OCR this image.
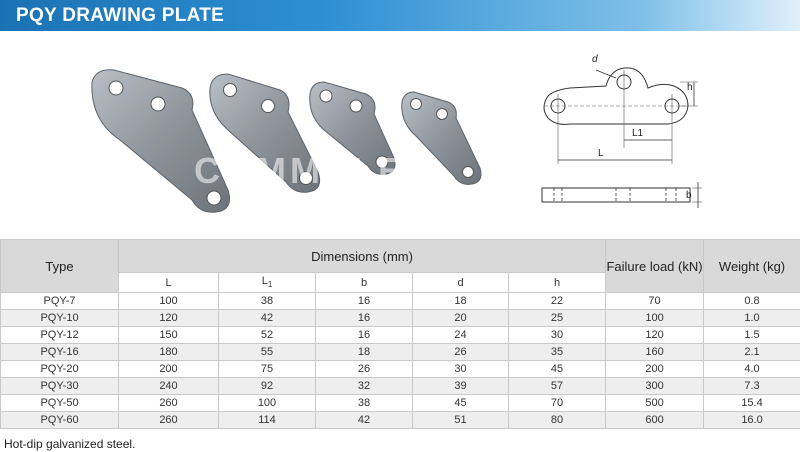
PQY DRAWING PLATE
COMMELEC
d
h
L1
L
b
Type	Dimensions (mm)					Failure load (kN)	Weight (kg)
	L	$L_1$	b	d	h		
PQY-7	100	38	16	18	22	70	0.8
PQY-10	120	42	16	20	25	100	1.0
PQY-12	150	52	16	24	30	120	1.5
PQY-16	180	55	18	26	35	160	2.1
PQY-20	200	75	26	30	45	200	4.0
PQY-30	240	92	32	39	57	300	7.3
PQY-50	260	100	38	45	70	500	15.4
PQY-60	260	114	42	51	80	600	16.0
Hot-dip galvanized steel.
